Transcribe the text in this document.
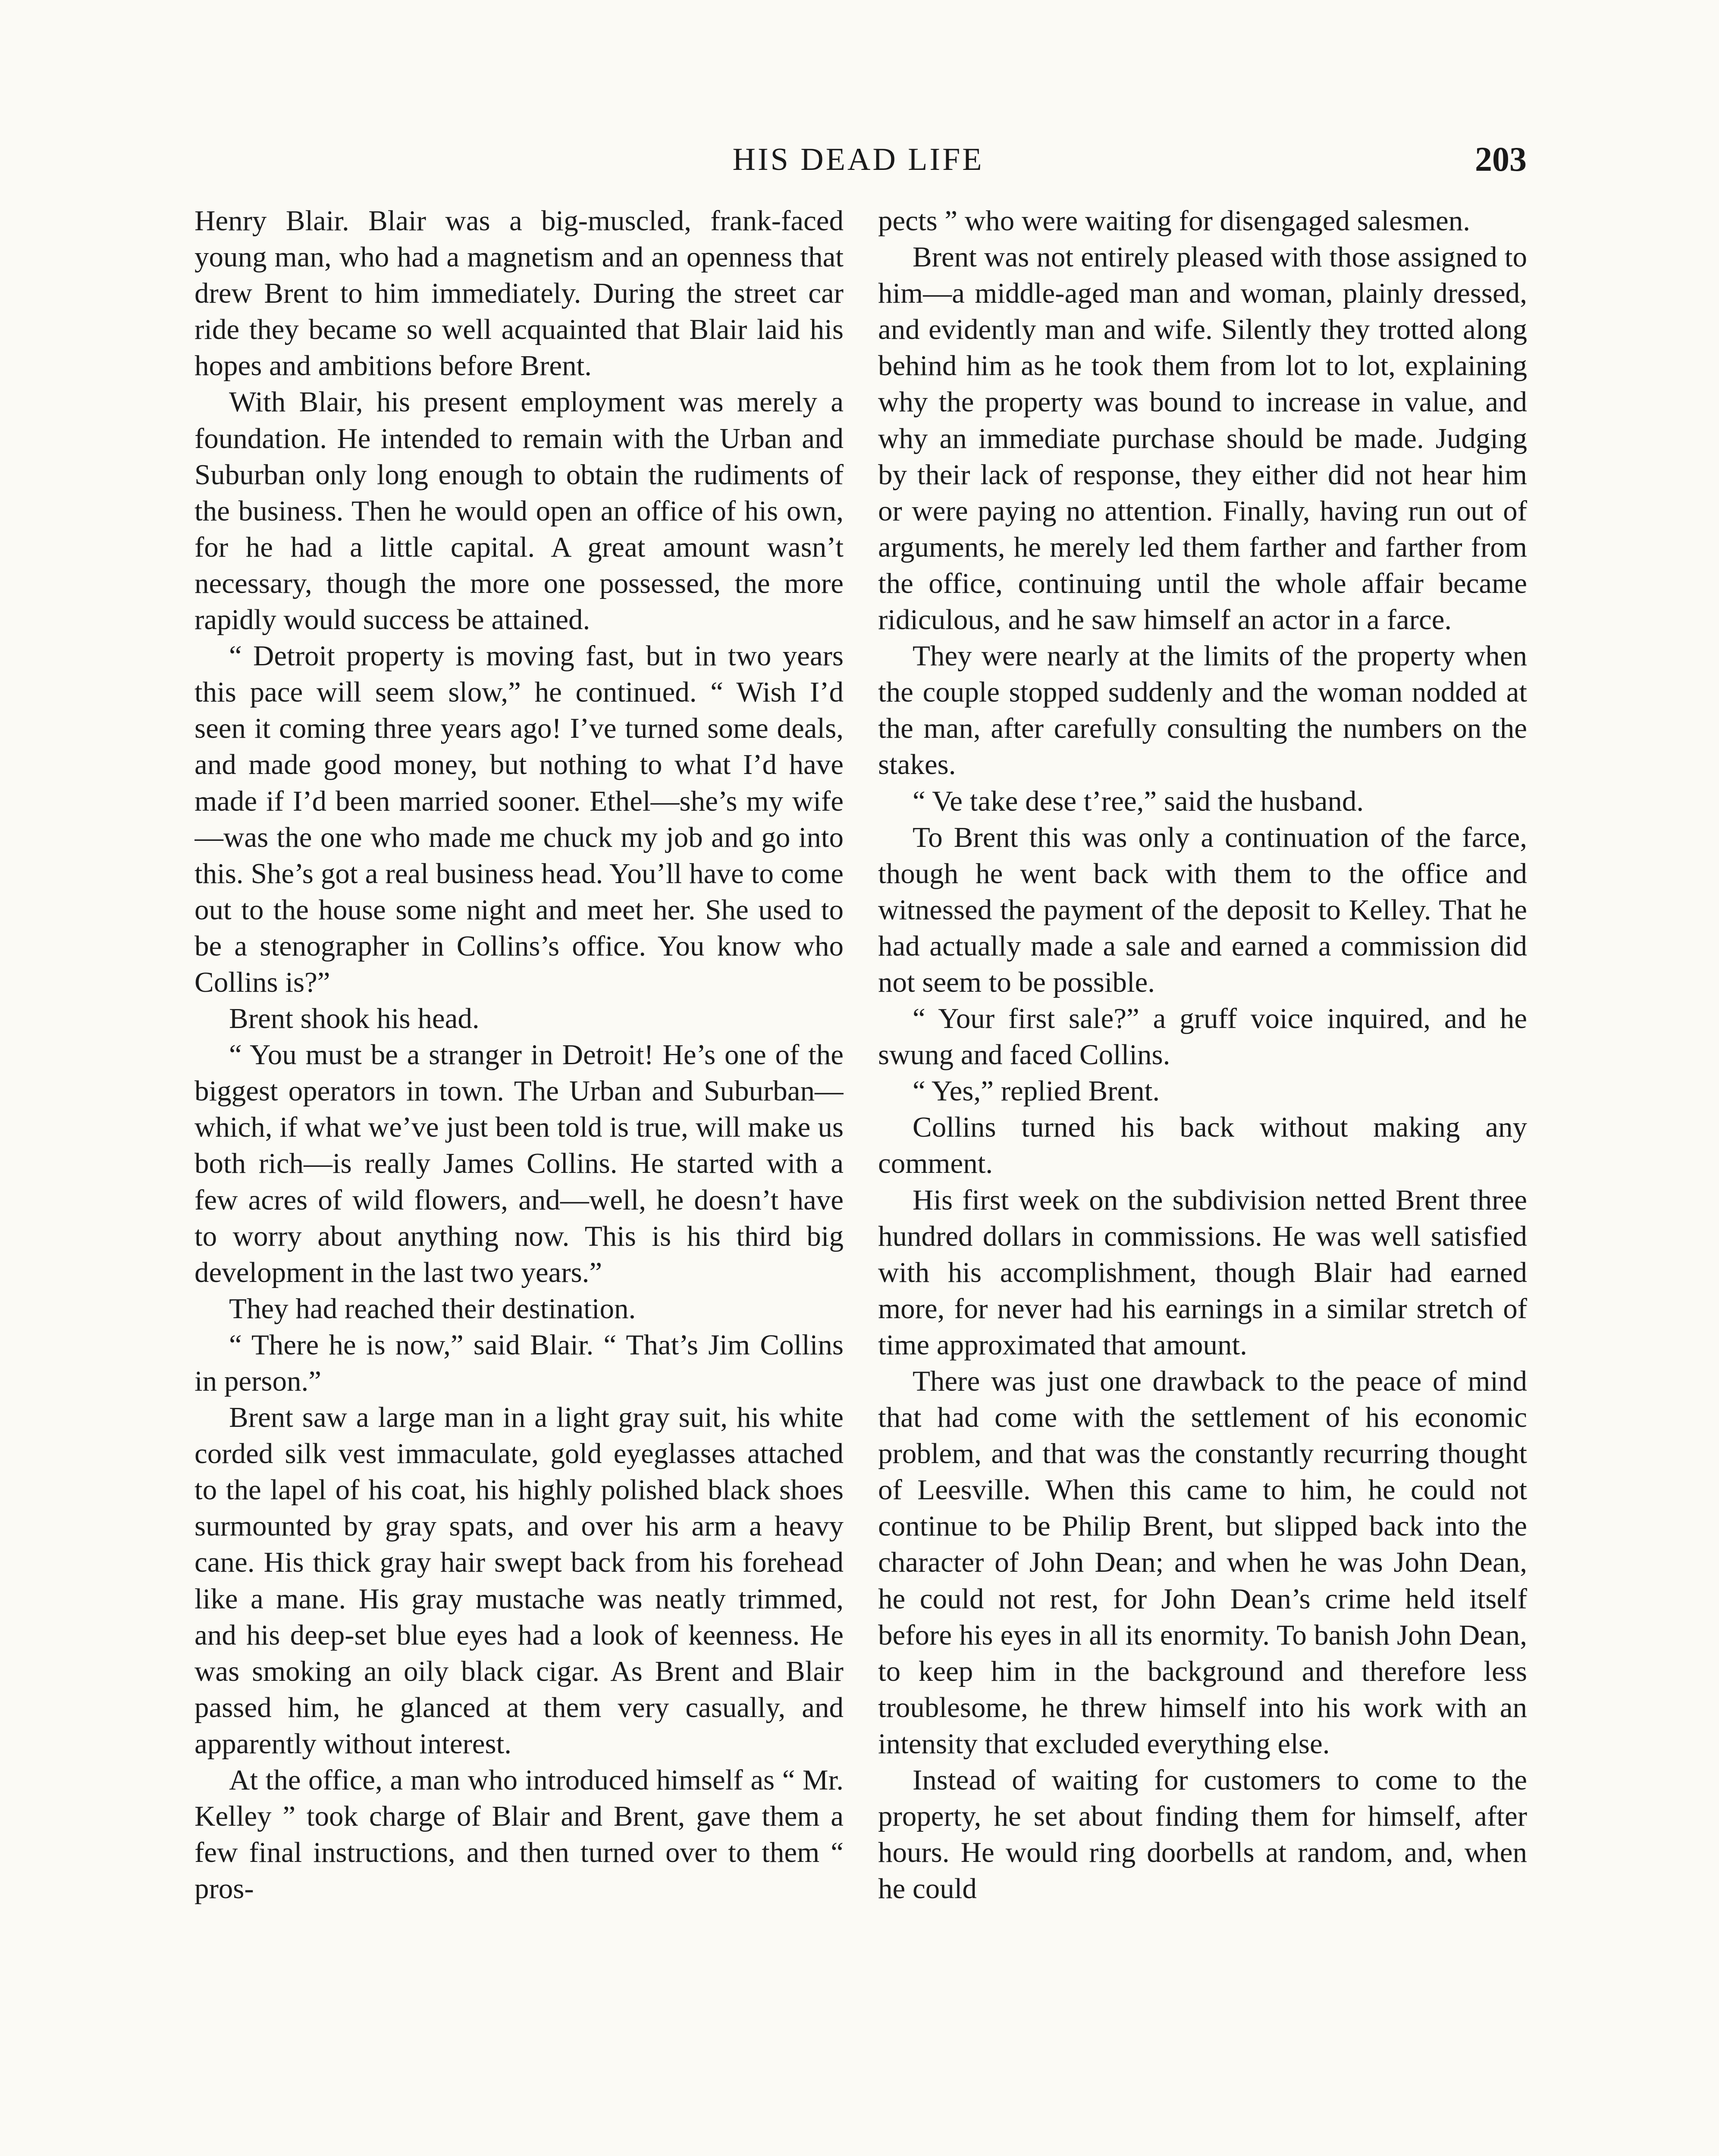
HIS DEAD LIFE	203

Henry Blair. Blair was a big-muscled, frank-faced young man, who had a magnetism and an openness that drew Brent to him immediately. During the street car ride they became so well acquainted that Blair laid his hopes and ambitions before Brent.

With Blair, his present employment was merely a foundation. He intended to remain with the Urban and Suburban only long enough to obtain the rudiments of the business. Then he would open an office of his own, for he had a little capital. A great amount wasn’t necessary, though the more one possessed, the more rapidly would success be attained.

“ Detroit property is moving fast, but in two years this pace will seem slow,” he continued. “ Wish I’d seen it coming three years ago! I’ve turned some deals, and made good money, but nothing to what I’d have made if I’d been married sooner. Ethel—she’s my wife—was the one who made me chuck my job and go into this. She’s got a real business head. You’ll have to come out to the house some night and meet her. She used to be a stenographer in Collins’s office. You know who Collins is?”

Brent shook his head.

“ You must be a stranger in Detroit! He’s one of the biggest operators in town. The Urban and Suburban—which, if what we’ve just been told is true, will make us both rich—is really James Collins. He started with a few acres of wild flowers, and—well, he doesn’t have to worry about anything now. This is his third big development in the last two years.”

They had reached their destination.

“ There he is now,” said Blair. “ That’s Jim Collins in person.”

Brent saw a large man in a light gray suit, his white corded silk vest immaculate, gold eyeglasses attached to the lapel of his coat, his highly polished black shoes surmounted by gray spats, and over his arm a heavy cane. His thick gray hair swept back from his forehead like a mane. His gray mustache was neatly trimmed, and his deep-set blue eyes had a look of keenness. He was smoking an oily black cigar. As Brent and Blair passed him, he glanced at them very casually, and apparently without interest.

At the office, a man who introduced himself as “ Mr. Kelley ” took charge of Blair and Brent, gave them a few final instructions, and then turned over to them “ pros-

pects ” who were waiting for disengaged salesmen.

Brent was not entirely pleased with those assigned to him—a middle-aged man and woman, plainly dressed, and evidently man and wife. Silently they trotted along behind him as he took them from lot to lot, explaining why the property was bound to increase in value, and why an immediate purchase should be made. Judging by their lack of response, they either did not hear him or were paying no attention. Finally, having run out of arguments, he merely led them farther and farther from the office, continuing until the whole affair became ridiculous, and he saw himself an actor in a farce.

They were nearly at the limits of the property when the couple stopped suddenly and the woman nodded at the man, after carefully consulting the numbers on the stakes.

“ Ve take dese t’ree,” said the husband.

To Brent this was only a continuation of the farce, though he went back with them to the office and witnessed the payment of the deposit to Kelley. That he had actually made a sale and earned a commission did not seem to be possible.

“ Your first sale?” a gruff voice inquired, and he swung and faced Collins.

“ Yes,” replied Brent.

Collins turned his back without making any comment.

His first week on the subdivision netted Brent three hundred dollars in commissions. He was well satisfied with his accomplishment, though Blair had earned more, for never had his earnings in a similar stretch of time approximated that amount.

There was just one drawback to the peace of mind that had come with the settlement of his economic problem, and that was the constantly recurring thought of Leesville. When this came to him, he could not continue to be Philip Brent, but slipped back into the character of John Dean; and when he was John Dean, he could not rest, for John Dean’s crime held itself before his eyes in all its enormity. To banish John Dean, to keep him in the background and therefore less troublesome, he threw himself into his work with an intensity that excluded everything else.

Instead of waiting for customers to come to the property, he set about finding them for himself, after hours. He would ring doorbells at random, and, when he could
